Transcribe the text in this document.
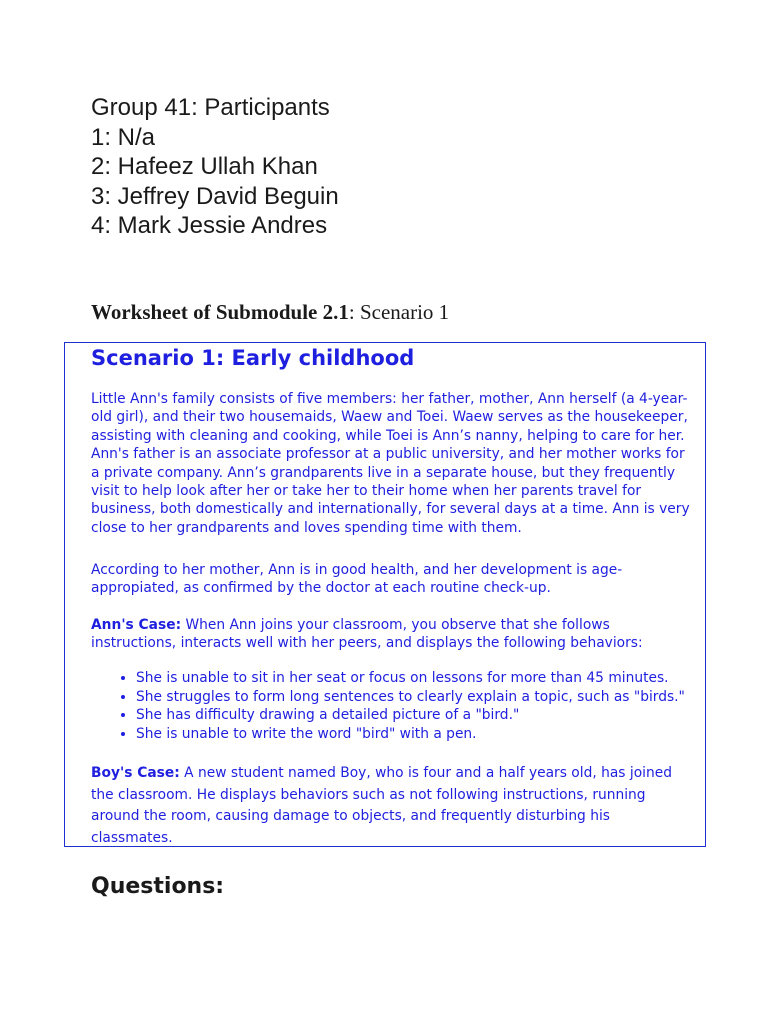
Group 41: Participants
1: N/a
2: Hafeez Ullah Khan
3: Jeffrey David Beguin
4: Mark Jessie Andres
Worksheet of Submodule 2.1: Scenario 1
Scenario 1: Early childhood
Little Ann's family consists of five members: her father, mother, Ann herself (a 4-year-old girl), and their two housemaids, Waew and Toei. Waew serves as the housekeeper, assisting with cleaning and cooking, while Toei is Ann’s nanny, helping to care for her. Ann's father is an associate professor at a public university, and her mother works for a private company. Ann’s grandparents live in a separate house, but they frequently visit to help look after her or take her to their home when her parents travel for business, both domestically and internationally, for several days at a time. Ann is very close to her grandparents and loves spending time with them.
According to her mother, Ann is in good health, and her development is age-appropiated, as confirmed by the doctor at each routine check-up.
Ann's Case: When Ann joins your classroom, you observe that she follows instructions, interacts well with her peers, and displays the following behaviors:
• She is unable to sit in her seat or focus on lessons for more than 45 minutes.
• She struggles to form long sentences to clearly explain a topic, such as "birds."
• She has difficulty drawing a detailed picture of a "bird."
• She is unable to write the word "bird" with a pen.
Boy's Case: A new student named Boy, who is four and a half years old, has joined the classroom. He displays behaviors such as not following instructions, running around the room, causing damage to objects, and frequently disturbing his classmates.
Questions:
